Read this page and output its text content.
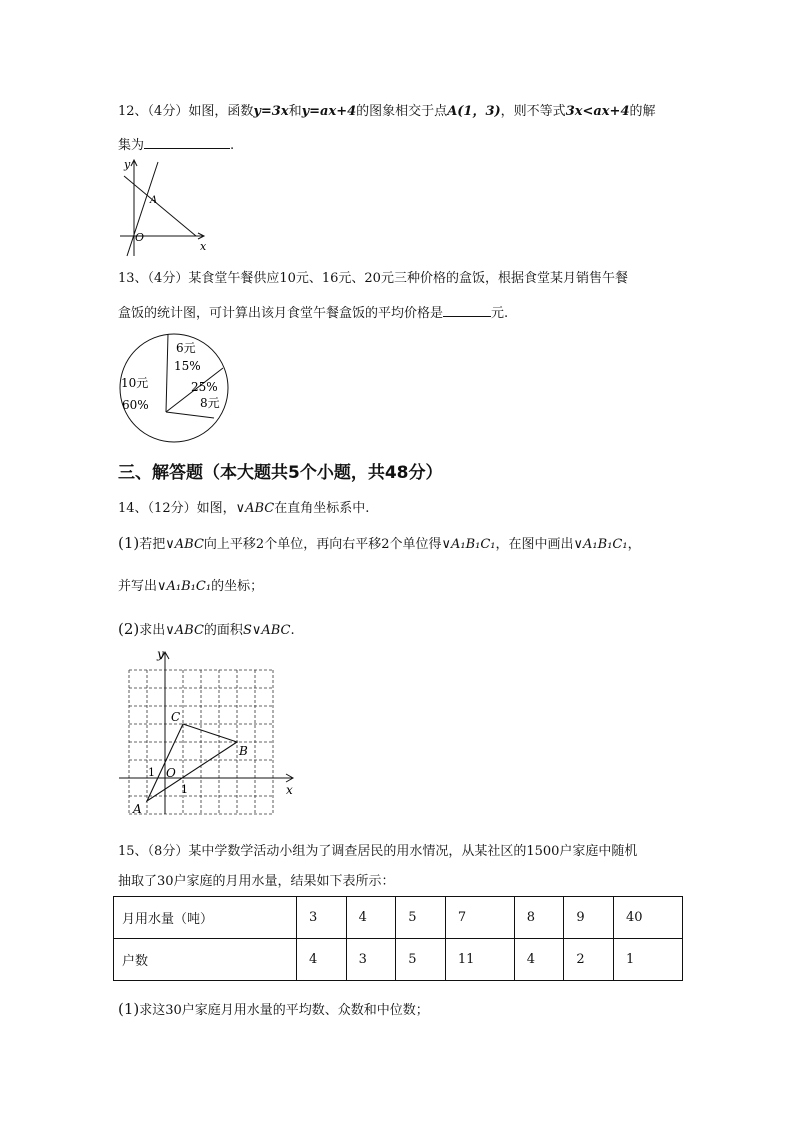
12、（4分）如图，函数y=3x和y=ax+4的图象相交于点A(1，3)，则不等式3x<ax+4的解
集为	.
y
x
O
A
13、（4分）某食堂午餐供应10元、16元、20元三种价格的盒饭，根据食堂某月销售午餐
盒饭的统计图，可计算出该月食堂午餐盒饭的平均价格是	元.
6元
15%
25%
8元
10元
60%
三、解答题（本大题共5个小题，共48分）
14、（12分）如图，∨ABC在直角坐标系中.
(1)若把∨ABC向上平移2个单位，再向右平移2个单位得∨A₁B₁C₁，在图中画出∨A₁B₁C₁，
并写出∨A₁B₁C₁的坐标；
(2)求出∨ABC的面积S∨ABC.
y
x
O
1
1
A
B
C
15、（8分）某中学数学活动小组为了调查居民的用水情况，从某社区的1500户家庭中随机
抽取了30户家庭的月用水量，结果如下表所示：
月用水量（吨）	3	4	5	7	8	9	40
户数	4	3	5	11	4	2	1
(1)求这30户家庭月用水量的平均数、众数和中位数；
